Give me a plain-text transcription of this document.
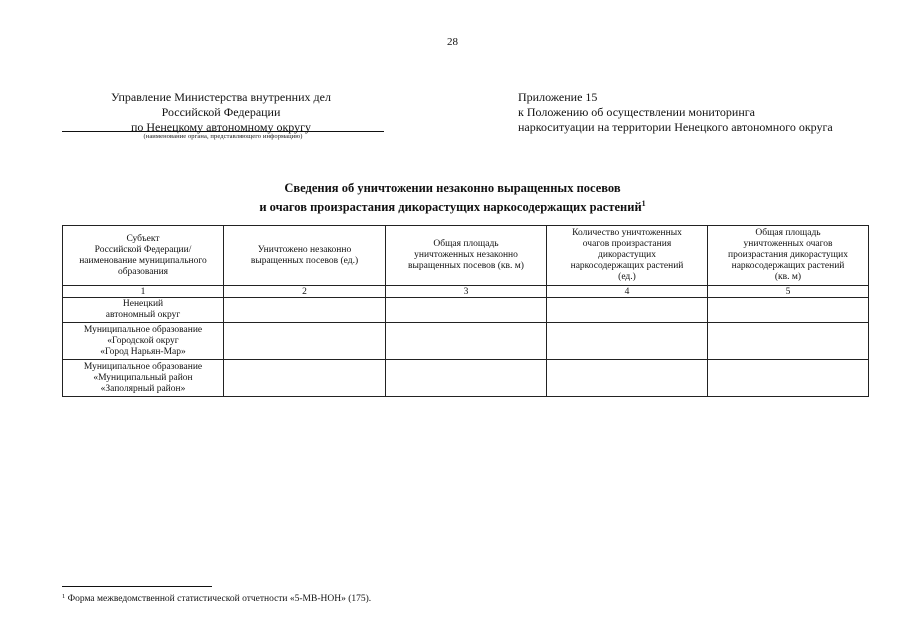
28
Управление Министерства внутренних дел
Российской Федерации
по Ненецкому автономному округу
(наименование органа, представляющего информацию)
Приложение 15
к Положению об осуществлении мониторинга
наркоситуации на территории Ненецкого автономного округа
Сведения об уничтожении незаконно выращенных посевов
и очагов произрастания дикорастущих наркосодержащих растений$^1$
Субъект
Российской Федерации/
наименование муниципального
образования	Уничтожено незаконно
выращенных посевов (ед.)	Общая площадь
уничтоженных незаконно
выращенных посевов (кв. м)	Количество уничтоженных
очагов произрастания
дикорастущих
наркосодержащих растений
(ед.)	Общая площадь
уничтоженных очагов
произрастания дикорастущих
наркосодержащих растений
(кв. м)

1	2	3	4	5

Ненецкий
автономный округ				

Муниципальное образование
«Городской округ
«Город Нарьян-Мар»				

Муниципальное образование
«Муниципальный район
«Заполярный район»				

$^1$ Форма межведомственной статистической отчетности «5-МВ-НОН» (175).
